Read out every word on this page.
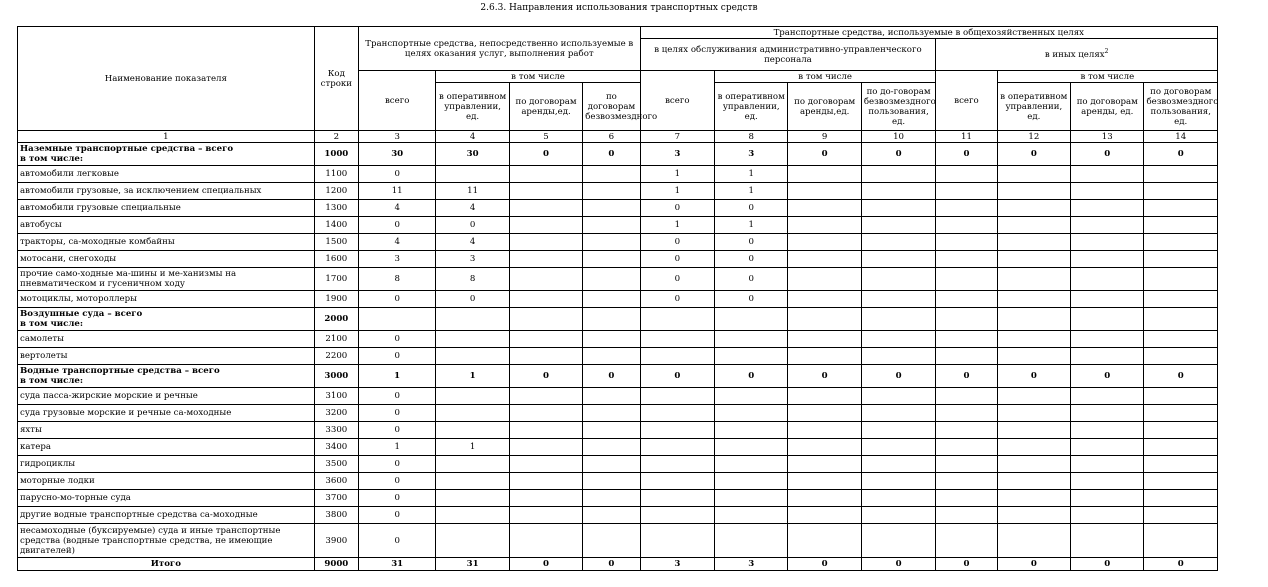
2.6.3. Направления использования транспортных средств
Наименование показателя	Код строки	Транспортные средства, непосредственно используемые в целях оказания услуг, выполнения работ				Транспортные средства, используемые в общехозяйственных целях							
						в целях обслуживания административно-управленческого персонала				в иных целях$^2$
		всего	в том числе			всего	в том числе			всего	в том числе		
			в оперативном управлении, ед.	по договорам аренды,ед.	по договорам безвозмездного		в оперативном управлении, ед.	по договорам аренды,ед.	по до-говорам безвозмездного пользования, ед.		в оперативном управлении, ед.	по договорам аренды, ед.	по договорам безвозмездного пользования, ед.
1	2	3	4	5	6	7	8	9	10	11	12	13	14

Наземные транспортные средства – всего
в том числе:	1000	30	30	0	0	3	3	0	0	0	0	0	0

автомобили легковые	1100	0				1	1						

автомобили грузовые, за исключением специальных	1200	11	11			1	1						

автомобили грузовые специальные	1300	4	4			0	0						

автобусы	1400	0	0			1	1						

тракторы, са-моходные комбайны	1500	4	4			0	0						

мотосани, снегоходы	1600	3	3			0	0						

прочие само-ходные ма-шины и ме-ханизмы на пневматическом и гусеничном ходу	1700	8	8			0	0						

мотоциклы, мотороллеры	1900	0	0			0	0						

Воздушные суда – всего
в том числе:	2000												

самолеты	2100	0											

вертолеты	2200	0											

Водные транспортные средства – всего
в том числе:	3000	1	1	0	0	0	0	0	0	0	0	0	0

суда пасса-жирские морские и речные	3100	0											

суда грузовые морские и речные са-моходные	3200	0											

яхты	3300	0											

катера	3400	1	1										

гидроциклы	3500	0											

моторные лодки	3600	0											

парусно-мо-торные суда	3700	0											

другие водные транспортные средства са-моходные	3800	0											

несамоходные (буксируемые) суда и иные транспортные средства (водные транспортные средства, не имеющие двигателей)	3900	0											

Итого	9000	31	31	0	0	3	3	0	0	0	0	0	0
